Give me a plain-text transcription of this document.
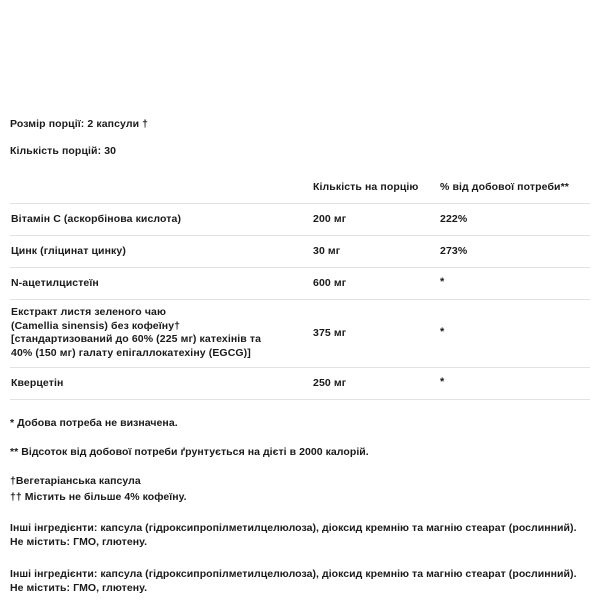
Розмір порції: 2 капсули †
Кількість порцій: 30
	Кількість на порцію	% від добової потреби**
Вітамін C (аскорбінова кислота)	200 мг	222%
Цинк (гліцинат цинку)	30 мг	273%
N-ацетилцистеїн	600 мг	*

Екстракт листя зеленого чаю
(Camellia sinensis) без кофеїну†
[стандартизований до 60% (225 мг) катехінів та
40% (150 мг) галату епігаллокатехіну (EGCG)]	375 мг	*
Кверцетін	250 мг	*
* Добова потреба не визначена.
** Відсоток від добової потреби ґрунтується на дієті в 2000 калорій.
†Вегетаріанська капсула
†† Містить не більше 4% кофеїну.
Інші інгредієнти: капсула (гідроксипропілметилцелюлоза), діоксид кремнію та магнію стеарат (рослинний).
Не містить: ГМО, глютену.
Інші інгредієнти: капсула (гідроксипропілметилцелюлоза), діоксид кремнію та магнію стеарат (рослинний).
Не містить: ГМО, глютену.
